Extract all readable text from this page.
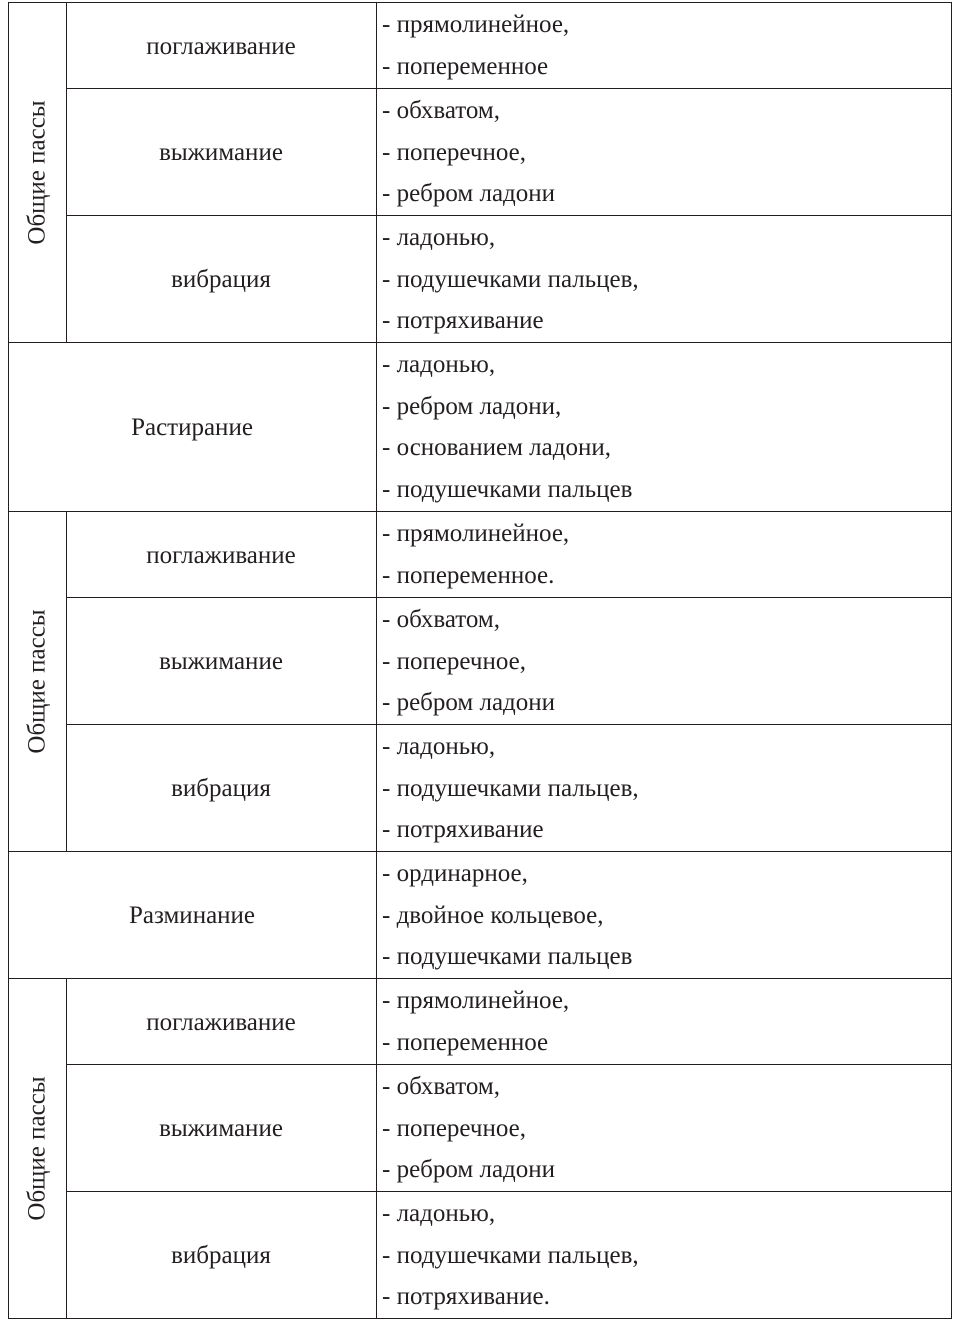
Общие пассы
Общие пассы
Общие пассы
поглаживание
выжимание
вибрация
Растирание
поглаживание
выжимание
вибрация
Разминание
поглаживание
выжимание
вибрация
- прямолинейное,
- попеременное
- обхватом,
- поперечное,
- ребром ладони
- ладонью,
- подушечками пальцев,
- потряхивание
- ладонью,
- ребром ладони,
- основанием ладони,
- подушечками пальцев
- прямолинейное,
- попеременное.
- обхватом,
- поперечное,
- ребром ладони
- ладонью,
- подушечками пальцев,
- потряхивание
- ординарное,
- двойное кольцевое,
- подушечками пальцев
- прямолинейное,
- попеременное
- обхватом,
- поперечное,
- ребром ладони
- ладонью,
- подушечками пальцев,
- потряхивание.
